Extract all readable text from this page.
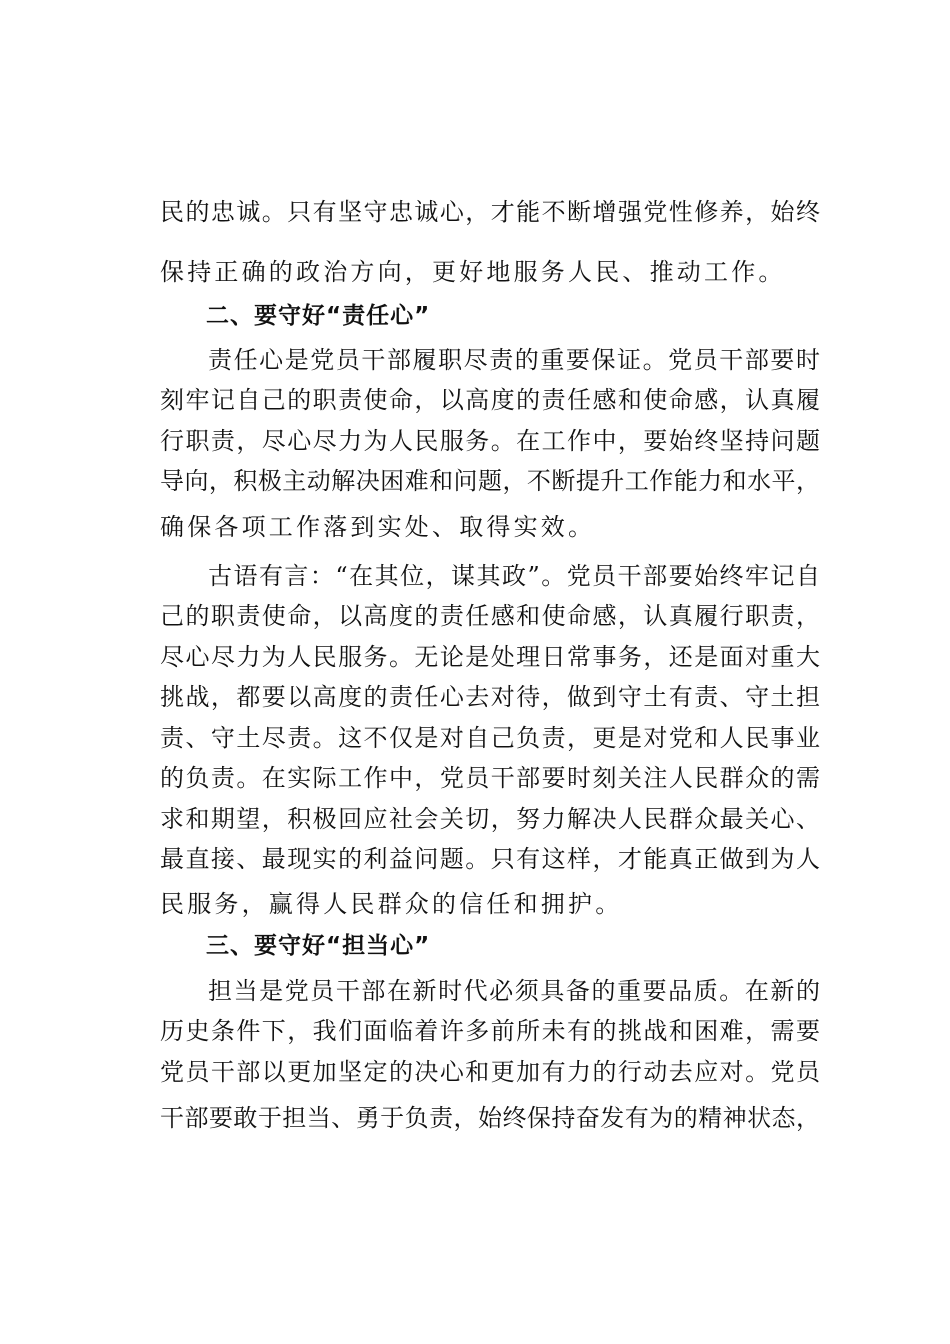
民的忠诚。只有坚守忠诚心，才能不断增强党性修养，始终
保持正确的政治方向，更好地服务人民、推动工作。
二、要守好“责任心”
责任心是党员干部履职尽责的重要保证。党员干部要时
刻牢记自己的职责使命，以高度的责任感和使命感，认真履
行职责，尽心尽力为人民服务。在工作中，要始终坚持问题
导向，积极主动解决困难和问题，不断提升工作能力和水平，
确保各项工作落到实处、取得实效。
古语有言：“在其位，谋其政”。党员干部要始终牢记自
己的职责使命，以高度的责任感和使命感，认真履行职责，
尽心尽力为人民服务。无论是处理日常事务，还是面对重大
挑战，都要以高度的责任心去对待，做到守土有责、守土担
责、守土尽责。这不仅是对自己负责，更是对党和人民事业
的负责。在实际工作中，党员干部要时刻关注人民群众的需
求和期望，积极回应社会关切，努力解决人民群众最关心、
最直接、最现实的利益问题。只有这样，才能真正做到为人
民服务，赢得人民群众的信任和拥护。
三、要守好“担当心”
担当是党员干部在新时代必须具备的重要品质。在新的
历史条件下，我们面临着许多前所未有的挑战和困难，需要
党员干部以更加坚定的决心和更加有力的行动去应对。党员
干部要敢于担当、勇于负责，始终保持奋发有为的精神状态，
